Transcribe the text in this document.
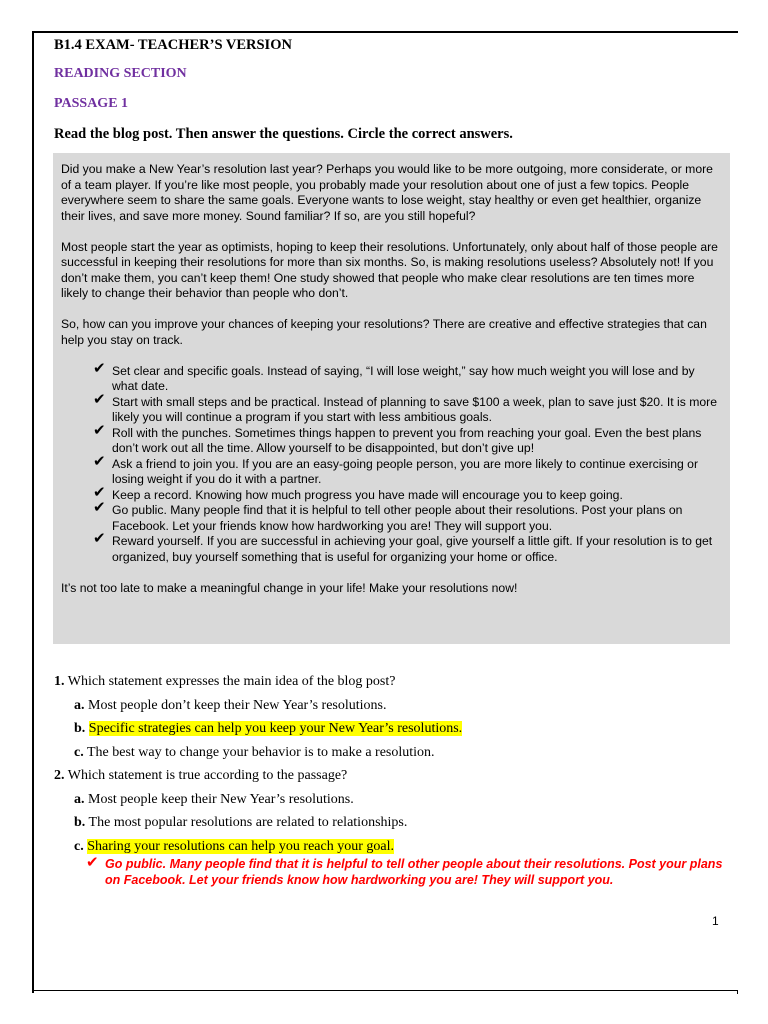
B1.4 EXAM- TEACHER’S VERSION
READING SECTION
PASSAGE 1
Read the blog post. Then answer the questions. Circle the correct answers.

Did you make a New Year’s resolution last year? Perhaps you would like to be more outgoing, more considerate, or more of a team player. If you’re like most people, you probably made your resolution about one of just a few topics. People everywhere seem to share the same goals. Everyone wants to lose weight, stay healthy or even get healthier, organize their lives, and save more money. Sound familiar? If so, are you still hopeful?

Most people start the year as optimists, hoping to keep their resolutions. Unfortunately, only about half of those people are successful in keeping their resolutions for more than six months. So, is making resolutions useless? Absolutely not! If you don’t make them, you can’t keep them! One study showed that people who make clear resolutions are ten times more likely to change their behavior than people who don’t.

So, how can you improve your chances of keeping your resolutions? There are creative and effective strategies that can help you stay on track.

✔ Set clear and specific goals. Instead of saying, “I will lose weight,” say how much weight you will lose and by what date.
✔ Start with small steps and be practical. Instead of planning to save $100 a week, plan to save just $20. It is more likely you will continue a program if you start with less ambitious goals.
✔ Roll with the punches. Sometimes things happen to prevent you from reaching your goal. Even the best plans don’t work out all the time. Allow yourself to be disappointed, but don’t give up!
✔ Ask a friend to join you. If you are an easy-going people person, you are more likely to continue exercising or losing weight if you do it with a partner.
✔ Keep a record. Knowing how much progress you have made will encourage you to keep going.
✔ Go public. Many people find that it is helpful to tell other people about their resolutions. Post your plans on Facebook. Let your friends know how hardworking you are! They will support you.
✔ Reward yourself. If you are successful in achieving your goal, give yourself a little gift. If your resolution is to get organized, buy yourself something that is useful for organizing your home or office.

It’s not too late to make a meaningful change in your life! Make your resolutions now!

1. Which statement expresses the main idea of the blog post?
a. Most people don’t keep their New Year’s resolutions.
b. Specific strategies can help you keep your New Year’s resolutions.
c. The best way to change your behavior is to make a resolution.
2. Which statement is true according to the passage?
a. Most people keep their New Year’s resolutions.
b. The most popular resolutions are related to relationships.
c. Sharing your resolutions can help you reach your goal.
✔ Go public. Many people find that it is helpful to tell other people about their resolutions. Post your plans on Facebook. Let your friends know how hardworking you are! They will support you.
1
